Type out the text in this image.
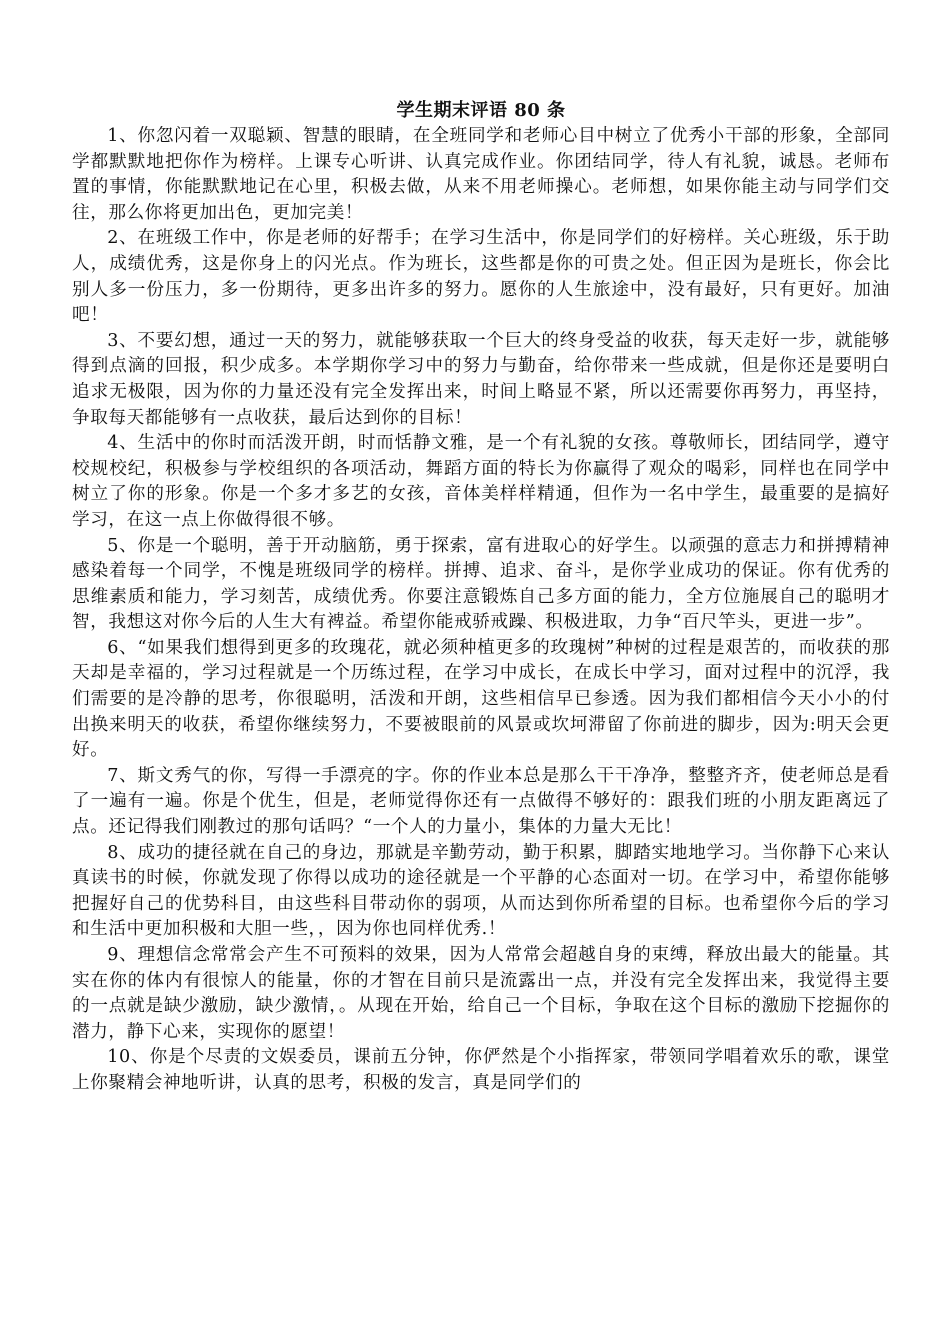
学生期末评语 80 条

1、你忽闪着一双聪颖、智慧的眼睛，在全班同学和老师心目中树立了优秀小干部的形象，全部同学都默默地把你作为榜样。上课专心听讲、认真完成作业。你团结同学，待人有礼貌，诚恳。老师布置的事情，你能默默地记在心里，积极去做，从来不用老师操心。老师想，如果你能主动与同学们交往，那么你将更加出色，更加完美！

2、在班级工作中，你是老师的好帮手；在学习生活中，你是同学们的好榜样。关心班级，乐于助人，成绩优秀，这是你身上的闪光点。作为班长，这些都是你的可贵之处。但正因为是班长，你会比别人多一份压力，多一份期待，更多出许多的努力。愿你的人生旅途中，没有最好，只有更好。加油吧！

3、不要幻想，通过一天的努力，就能够获取一个巨大的终身受益的收获，每天走好一步，就能够得到点滴的回报，积少成多。本学期你学习中的努力与勤奋，给你带来一些成就，但是你还是要明白追求无极限，因为你的力量还没有完全发挥出来，时间上略显不紧，所以还需要你再努力，再坚持，争取每天都能够有一点收获，最后达到你的目标！

4、生活中的你时而活泼开朗，时而恬静文雅，是一个有礼貌的女孩。尊敬师长，团结同学，遵守校规校纪，积极参与学校组织的各项活动，舞蹈方面的特长为你赢得了观众的喝彩，同样也在同学中树立了你的形象。你是一个多才多艺的女孩，音体美样样精通，但作为一名中学生，最重要的是搞好学习，在这一点上你做得很不够。

5、你是一个聪明，善于开动脑筋，勇于探索，富有进取心的好学生。以顽强的意志力和拼搏精神感染着每一个同学，不愧是班级同学的榜样。拼搏、追求、奋斗，是你学业成功的保证。你有优秀的思维素质和能力，学习刻苦，成绩优秀。你要注意锻炼自己多方面的能力，全方位施展自己的聪明才智，我想这对你今后的人生大有裨益。希望你能戒骄戒躁、积极进取，力争“百尺竿头，更进一步”。

6、“如果我们想得到更多的玫瑰花，就必须种植更多的玫瑰树”种树的过程是艰苦的，而收获的那天却是幸福的，学习过程就是一个历练过程，在学习中成长，在成长中学习，面对过程中的沉浮，我们需要的是冷静的思考，你很聪明，活泼和开朗，这些相信早已参透。因为我们都相信今天小小的付出换来明天的收获，希望你继续努力，不要被眼前的风景或坎坷滞留了你前进的脚步，因为:明天会更好。

7、斯文秀气的你，写得一手漂亮的字。你的作业本总是那么干干净净，整整齐齐，使老师总是看了一遍有一遍。你是个优生，但是，老师觉得你还有一点做得不够好的：跟我们班的小朋友距离远了点。还记得我们刚教过的那句话吗？“一个人的力量小，集体的力量大无比！

8、成功的捷径就在自己的身边，那就是辛勤劳动，勤于积累，脚踏实地地学习。当你静下心来认真读书的时候，你就发现了你得以成功的途径就是一个平静的心态面对一切。在学习中，希望你能够把握好自己的优势科目，由这些科目带动你的弱项，从而达到你所希望的目标。也希望你今后的学习和生活中更加积极和大胆一些，，因为你也同样优秀.！

9、理想信念常常会产生不可预料的效果，因为人常常会超越自身的束缚，释放出最大的能量。其实在你的体内有很惊人的能量，你的才智在目前只是流露出一点，并没有完全发挥出来，我觉得主要的一点就是缺少激励，缺少激情，。从现在开始，给自己一个目标，争取在这个目标的激励下挖掘你的潜力，静下心来，实现你的愿望！

10、你是个尽责的文娱委员，课前五分钟，你俨然是个小指挥家，带领同学唱着欢乐的歌，课堂上你聚精会神地听讲，认真的思考，积极的发言，真是同学们的
